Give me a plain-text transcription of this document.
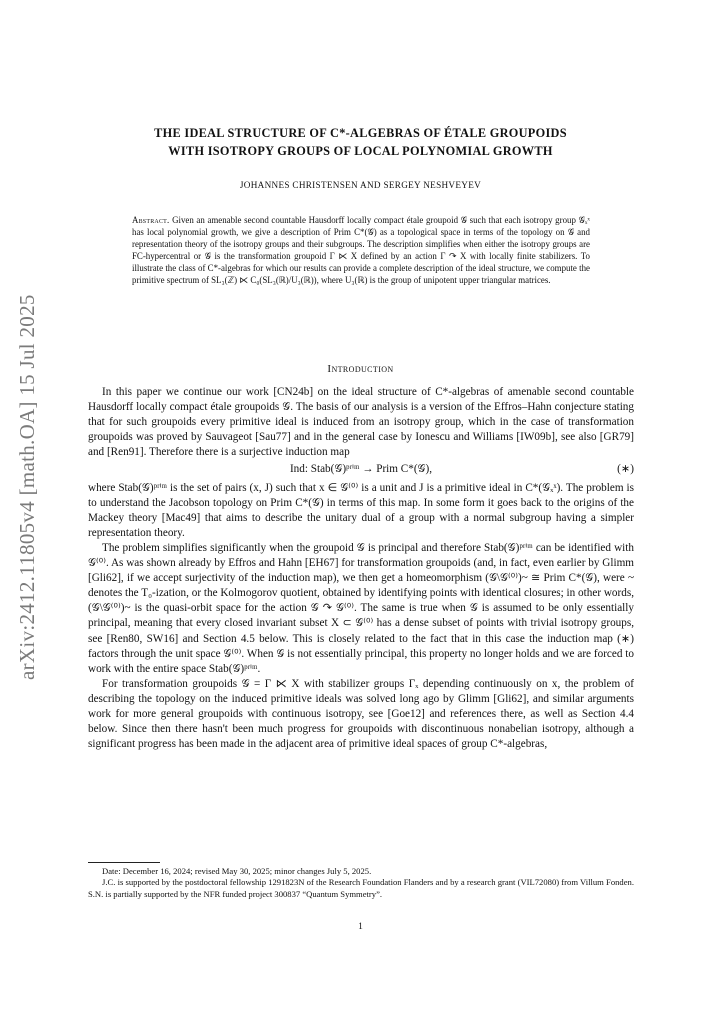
arXiv:2412.11805v4 [math.OA] 15 Jul 2025
THE IDEAL STRUCTURE OF C*-ALGEBRAS OF ÉTALE GROUPOIDS
WITH ISOTROPY GROUPS OF LOCAL POLYNOMIAL GROWTH
JOHANNES CHRISTENSEN AND SERGEY NESHVEYEV
Abstract. Given an amenable second countable Hausdorff locally compact étale groupoid 𝒢 such that each isotropy group 𝒢ₓˣ has local polynomial growth, we give a description of Prim C*(𝒢) as a topological space in terms of the topology on 𝒢 and representation theory of the isotropy groups and their subgroups. The description simplifies when either the isotropy groups are FC-hypercentral or 𝒢 is the transformation groupoid Γ ⋉ X defined by an action Γ ↷ X with locally finite stabilizers. To illustrate the class of C*-algebras for which our results can provide a complete description of the ideal structure, we compute the primitive spectrum of SL₃(ℤ) ⋉ C₀(SL₃(ℝ)/U₃(ℝ)), where U₃(ℝ) is the group of unipotent upper triangular matrices.
Introduction

In this paper we continue our work [CN24b] on the ideal structure of C*-algebras of amenable second countable Hausdorff locally compact étale groupoids 𝒢. The basis of our analysis is a version of the Effros–Hahn conjecture stating that for such groupoids every primitive ideal is induced from an isotropy group, which in the case of transformation groupoids was proved by Sauvageot [Sau77] and in the general case by Ionescu and Williams [IW09b], see also [GR79] and [Ren91]. Therefore there is a surjective induction map

Ind: Stab(𝒢)ᵖʳⁱᵐ → Prim C*(𝒢),	(∗)

where Stab(𝒢)ᵖʳⁱᵐ is the set of pairs (x, J) such that x ∈ 𝒢⁽⁰⁾ is a unit and J is a primitive ideal in C*(𝒢ₓˣ). The problem is to understand the Jacobson topology on Prim C*(𝒢) in terms of this map. In some form it goes back to the origins of the Mackey theory [Mac49] that aims to describe the unitary dual of a group with a normal subgroup having a simpler representation theory.

The problem simplifies significantly when the groupoid 𝒢 is principal and therefore Stab(𝒢)ᵖʳⁱᵐ can be identified with 𝒢⁽⁰⁾. As was shown already by Effros and Hahn [EH67] for transformation groupoids (and, in fact, even earlier by Glimm [Gli62], if we accept surjectivity of the induction map), we then get a homeomorphism (𝒢\𝒢⁽⁰⁾)~ ≅ Prim C*(𝒢), were ~ denotes the T₀-ization, or the Kolmogorov quotient, obtained by identifying points with identical closures; in other words, (𝒢\𝒢⁽⁰⁾)~ is the quasi-orbit space for the action 𝒢 ↷ 𝒢⁽⁰⁾. The same is true when 𝒢 is assumed to be only essentially principal, meaning that every closed invariant subset X ⊂ 𝒢⁽⁰⁾ has a dense subset of points with trivial isotropy groups, see [Ren80, SW16] and Section 4.5 below. This is closely related to the fact that in this case the induction map (∗) factors through the unit space 𝒢⁽⁰⁾. When 𝒢 is not essentially principal, this property no longer holds and we are forced to work with the entire space Stab(𝒢)ᵖʳⁱᵐ.

For transformation groupoids 𝒢 = Γ ⋉ X with stabilizer groups Γₓ depending continuously on x, the problem of describing the topology on the induced primitive ideals was solved long ago by Glimm [Gli62], and similar arguments work for more general groupoids with continuous isotropy, see [Goe12] and references there, as well as Section 4.4 below. Since then there hasn't been much progress for groupoids with discontinuous nonabelian isotropy, although a significant progress has been made in the adjacent area of primitive ideal spaces of group C*-algebras,

Date: December 16, 2024; revised May 30, 2025; minor changes July 5, 2025.

J.C. is supported by the postdoctoral fellowship 1291823N of the Research Foundation Flanders and by a research grant (VIL72080) from Villum Fonden. S.N. is partially supported by the NFR funded project 300837 “Quantum Symmetry”.

1
